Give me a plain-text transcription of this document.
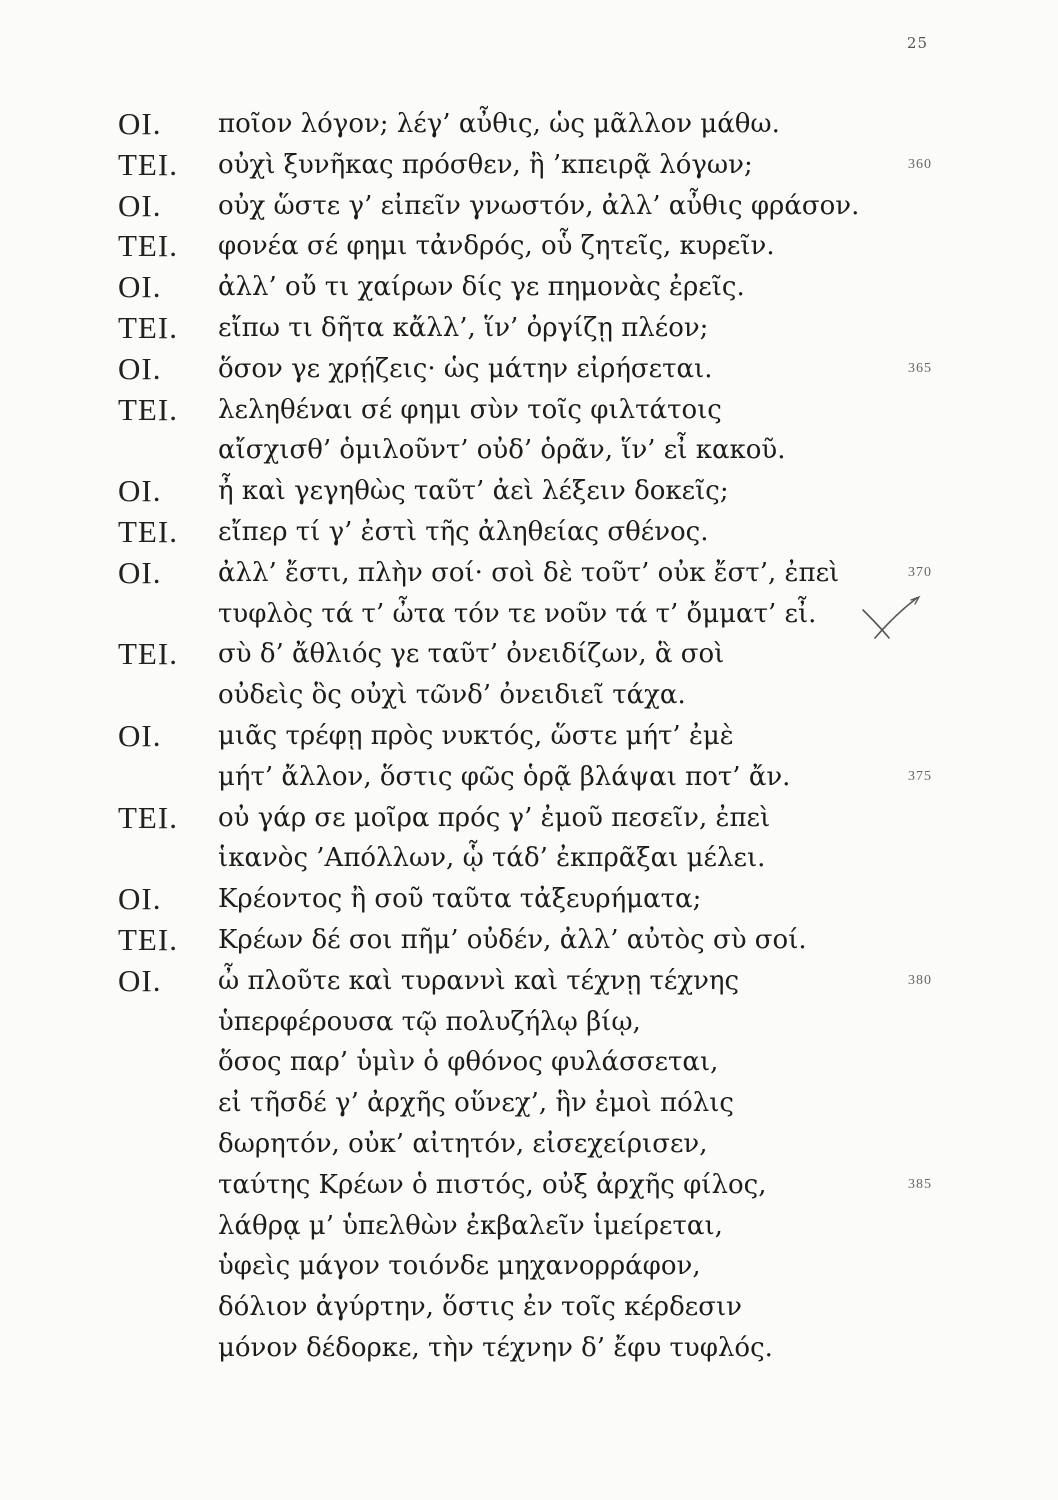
25
ΟΙ. ποῖον λόγον; λέγ’ αὖθις, ὡς μᾶλλον μάθω.
ΤΕΙ. οὐχὶ ξυνῆκας πρόσθεν, ἢ ’κπειρᾷ λόγων;	360
ΟΙ. οὐχ ὥστε γ’ εἰπεῖν γνωστόν, ἀλλ’ αὖθις φράσον.
ΤΕΙ. φονέα σέ φημι τἀνδρός, οὗ ζητεῖς, κυρεῖν.
ΟΙ. ἀλλ’ οὔ τι χαίρων δίς γε πημονὰς ἐρεῖς.
ΤΕΙ. εἴπω τι δῆτα κἄλλ’, ἵν’ ὀργίζῃ πλέον;
ΟΙ. ὅσον γε χρῄζεις· ὡς μάτην εἰρήσεται.	365
ΤΕΙ. λεληθέναι σέ φημι σὺν τοῖς φιλτάτοις
αἴσχισθ’ ὁμιλοῦντ’ οὐδ’ ὁρᾶν, ἵν’ εἶ κακοῦ.
ΟΙ. ἦ καὶ γεγηθὼς ταῦτ’ ἀεὶ λέξειν δοκεῖς;
ΤΕΙ. εἴπερ τί γ’ ἐστὶ τῆς ἀληθείας σθένος.
ΟΙ. ἀλλ’ ἔστι, πλὴν σοί· σοὶ δὲ τοῦτ’ οὐκ ἔστ’, ἐπεὶ	370
τυφλὸς τά τ’ ὦτα τόν τε νοῦν τά τ’ ὄμματ’ εἶ.
ΤΕΙ. σὺ δ’ ἄθλιός γε ταῦτ’ ὀνειδίζων, ἃ σοὶ
οὐδεὶς ὃς οὐχὶ τῶνδ’ ὀνειδιεῖ τάχα.
ΟΙ. μιᾶς τρέφῃ πρὸς νυκτός, ὥστε μήτ’ ἐμὲ
μήτ’ ἄλλον, ὅστις φῶς ὁρᾷ βλάψαι ποτ’ ἄν.	375
ΤΕΙ. οὐ γάρ σε μοῖρα πρός γ’ ἐμοῦ πεσεῖν, ἐπεὶ
ἱκανὸς ’Απόλλων, ᾧ τάδ’ ἐκπρᾶξαι μέλει.
ΟΙ. Κρέοντος ἢ σοῦ ταῦτα τἀξευρήματα;
ΤΕΙ. Κρέων δέ σοι πῆμ’ οὐδέν, ἀλλ’ αὐτὸς σὺ σοί.
ΟΙ. ὦ πλοῦτε καὶ τυραννὶ καὶ τέχνῃ τέχνης	380
ὑπερφέρουσα τῷ πολυζήλῳ βίῳ,
ὅσος παρ’ ὑμὶν ὁ φθόνος φυλάσσεται,
εἰ τῆσδέ γ’ ἀρχῆς οὕνεχ’, ἣν ἐμοὶ πόλις
δωρητόν, οὐκ’ αἰτητόν, εἰσεχείρισεν,
ταύτης Κρέων ὁ πιστός, οὐξ ἀρχῆς φίλος,	385
λάθρᾳ μ’ ὑπελθὼν ἐκβαλεῖν ἱμείρεται,
ὑφεὶς μάγον τοιόνδε μηχανορράφον,
δόλιον ἀγύρτην, ὅστις ἐν τοῖς κέρδεσιν
μόνον δέδορκε, τὴν τέχνην δ’ ἔφυ τυφλός.
